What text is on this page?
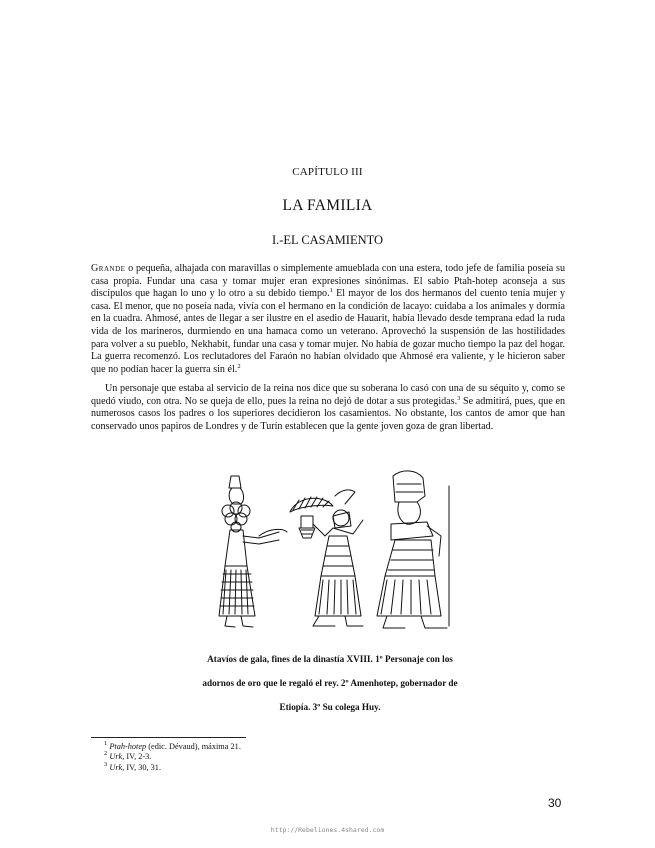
CAPÍTULO III
LA FAMILIA
I.-EL CASAMIENTO

Grande o pequeña, alhajada con maravillas o simplemente amueblada con una estera, todo jefe de familia poseía su casa propia. Fundar una casa y tomar mujer eran expresiones sinónimas. El sabio Ptah-hotep aconseja a sus discípulos que hagan lo uno y lo otro a su debido tiempo.$^1$ El mayor de los dos hermanos del cuento tenía mujer y casa. El menor, que no poseía nada, vivía con el hermano en la condición de lacayo: cuidaba a los animales y dormía en la cuadra. Ahmosé, antes de llegar a ser ilustre en el asedio de Hauarit, había llevado desde temprana edad la ruda vida de los marineros, durmiendo en una hamaca como un veterano. Aprovechó la suspensión de las hostilidades para volver a su pueblo, Nekhabit, fundar una casa y tomar mujer. No había de gozar mucho tiempo la paz del hogar. La guerra recomenzó. Los reclutadores del Faraón no habían olvidado que Ahmosé era valiente, y le hicieron saber que no podían hacer la guerra sin él.$^2$

Un personaje que estaba al servicio de la reina nos dice que su soberana lo casó con una de su séquito y, como se quedó viudo, con otra. No se queja de ello, pues la reina no dejó de dotar a sus protegidas.$^3$ Se admitirá, pues, que en numerosos casos los padres o los superiores decidieron los casamientos. No obstante, los cantos de amor que han conservado unos papiros de Londres y de Turín establecen que la gente joven goza de gran libertad.

Atavíos de gala, fines de la dinastía XVIII. 1º Personaje con los
adornos de oro que le regaló el rey. 2º Amenhotep, gobernador de
Etiopía. 3º Su colega Huy.
$^1$ Ptah-hotep (edic. Dévaud), máxima 21.
$^2$ Urk, IV, 2-3.
$^3$ Urk, IV, 30, 31.
30
http://Rebeliones.4shared.com
